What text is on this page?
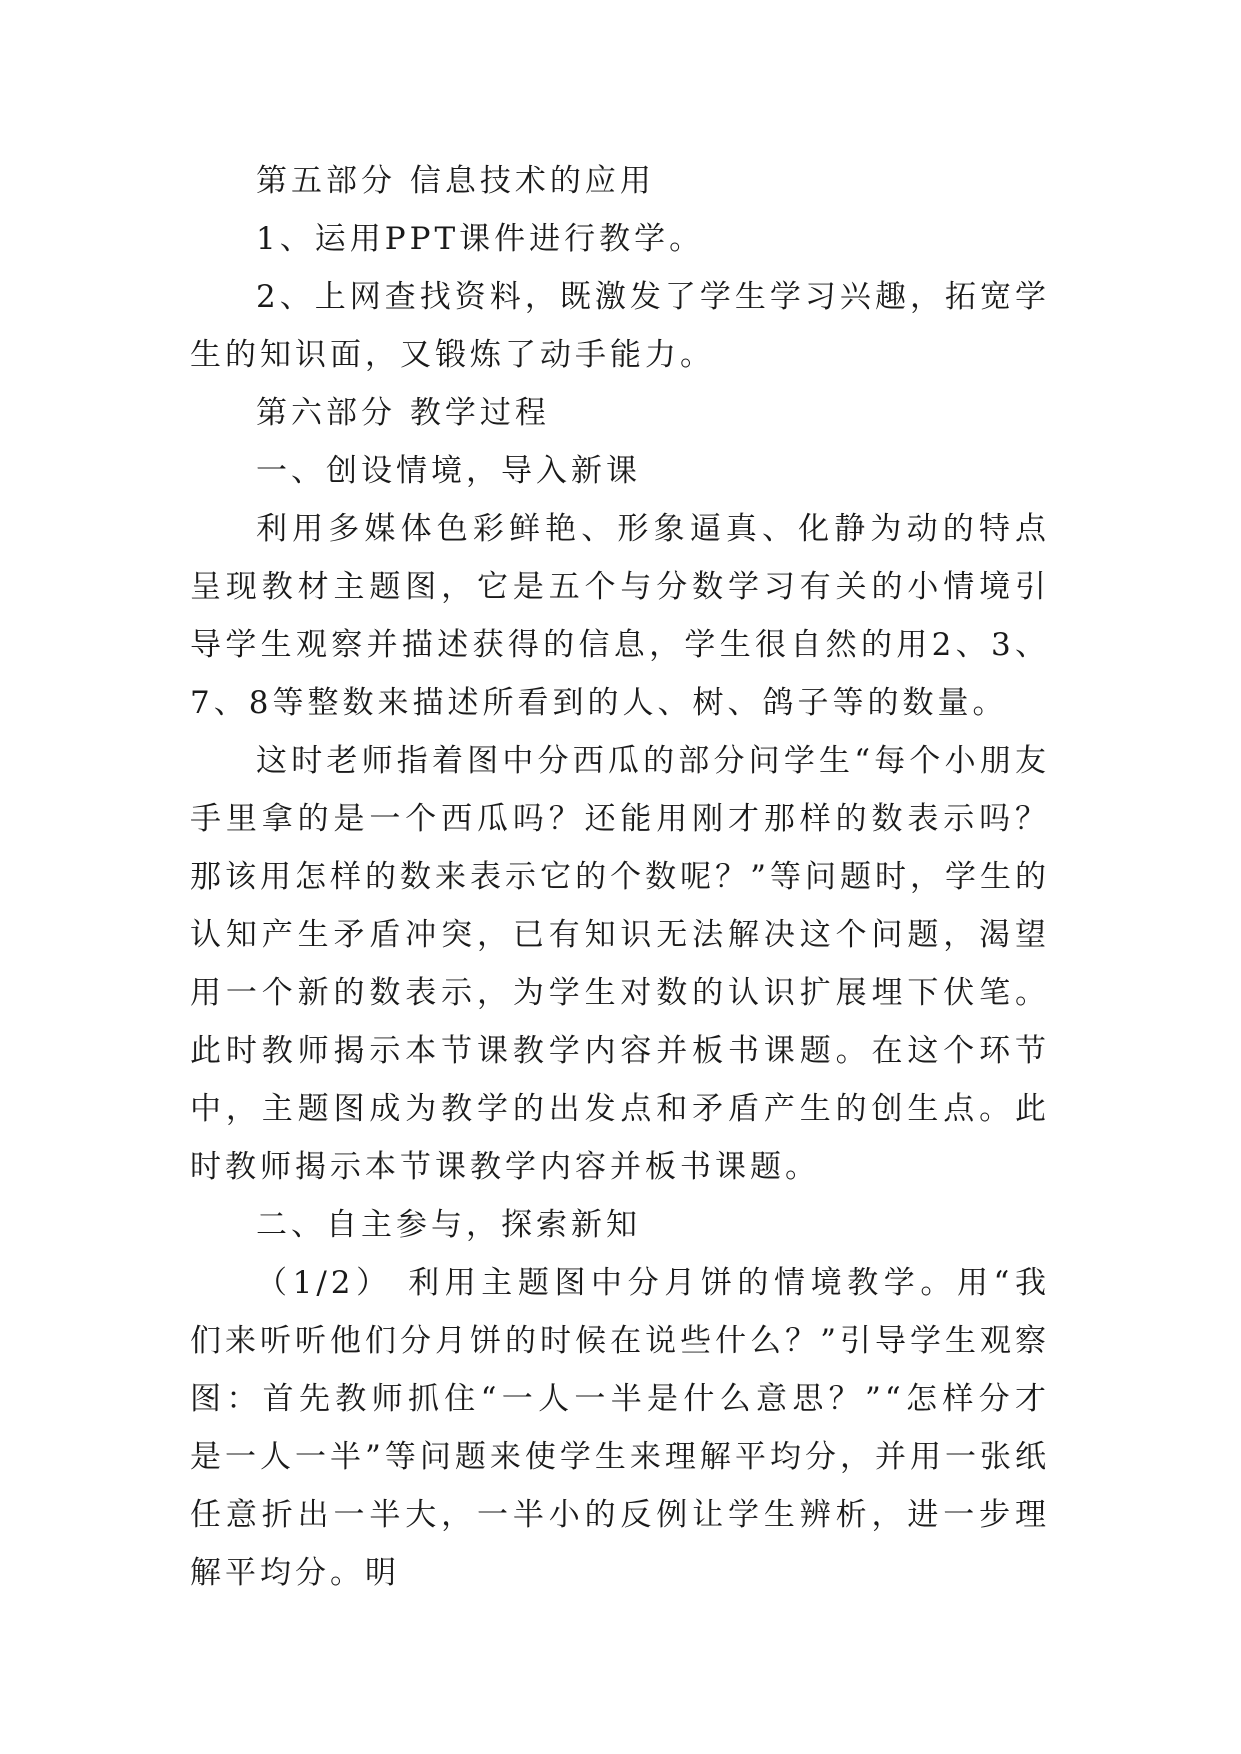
第五部分 信息技术的应用

1、运用PPT课件进行教学。

2、上网查找资料，既激发了学生学习兴趣，拓宽学生的知识面，又锻炼了动手能力。

第六部分 教学过程

一、创设情境，导入新课

利用多媒体色彩鲜艳、形象逼真、化静为动的特点呈现教材主题图，它是五个与分数学习有关的小情境引导学生观察并描述获得的信息，学生很自然的用2、3、7、8等整数来描述所看到的人、树、鸽子等的数量。

这时老师指着图中分西瓜的部分问学生“每个小朋友手里拿的是一个西瓜吗？还能用刚才那样的数表示吗？那该用怎样的数来表示它的个数呢？”等问题时，学生的认知产生矛盾冲突，已有知识无法解决这个问题，渴望用一个新的数表示，为学生对数的认识扩展埋下伏笔。此时教师揭示本节课教学内容并板书课题。在这个环节中，主题图成为教学的出发点和矛盾产生的创生点。此时教师揭示本节课教学内容并板书课题。

二、自主参与，探索新知

（1/2） 利用主题图中分月饼的情境教学。用“我们来听听他们分月饼的时候在说些什么？”引导学生观察图：首先教师抓住“一人一半是什么意思？”“怎样分才是一人一半”等问题来使学生来理解平均分，并用一张纸任意折出一半大，一半小的反例让学生辨析，进一步理解平均分。明
